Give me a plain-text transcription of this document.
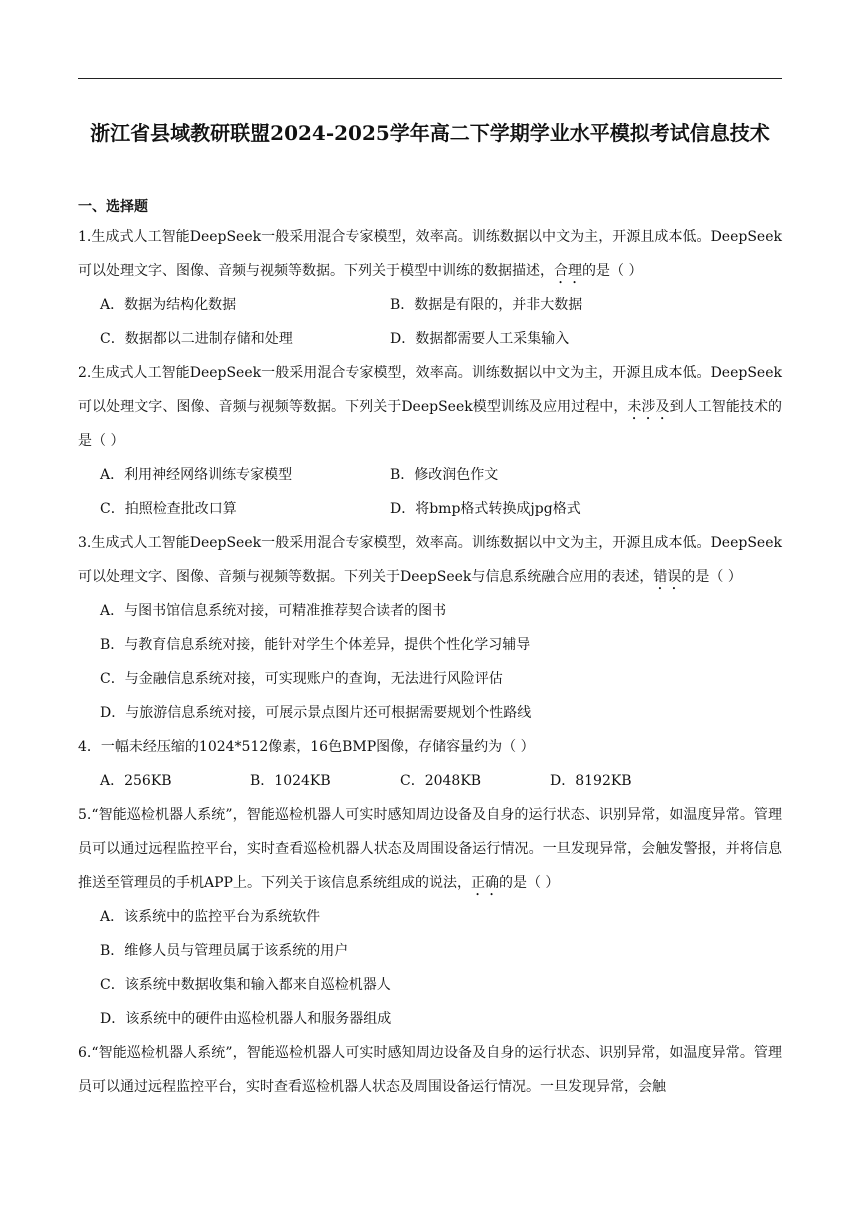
浙江省县域教研联盟2024-2025学年高二下学期学业水平模拟考试信息技术
一、选择题

1.生成式人工智能DeepSeek一般采用混合专家模型，效率高。训练数据以中文为主，开源且成本低。DeepSeek可以处理文字、图像、音频与视频等数据。下列关于模型中训练的数据描述，合理的是（ ）

A．数据为结构化数据	B．数据是有限的，并非大数据
C．数据都以二进制存储和处理	D．数据都需要人工采集输入

2.生成式人工智能DeepSeek一般采用混合专家模型，效率高。训练数据以中文为主，开源且成本低。DeepSeek可以处理文字、图像、音频与视频等数据。下列关于DeepSeek模型训练及应用过程中，未涉及到人工智能技术的是（ ）

A．利用神经网络训练专家模型	B．修改润色作文
C．拍照检查批改口算	D．将bmp格式转换成jpg格式

3.生成式人工智能DeepSeek一般采用混合专家模型，效率高。训练数据以中文为主，开源且成本低。DeepSeek可以处理文字、图像、音频与视频等数据。下列关于DeepSeek与信息系统融合应用的表述，错误的是（ ）

A．与图书馆信息系统对接，可精准推荐契合读者的图书
B．与教育信息系统对接，能针对学生个体差异，提供个性化学习辅导
C．与金融信息系统对接，可实现账户的查询，无法进行风险评估
D．与旅游信息系统对接，可展示景点图片还可根据需要规划个性路线

4．一幅未经压缩的1024*512像素，16色BMP图像，存储容量约为（ ）

A．256KB	B．1024KB	C．2048KB	D．8192KB

5.“智能巡检机器人系统”，智能巡检机器人可实时感知周边设备及自身的运行状态、识别异常，如温度异常。管理员可以通过远程监控平台，实时查看巡检机器人状态及周围设备运行情况。一旦发现异常，会触发警报，并将信息推送至管理员的手机APP上。下列关于该信息系统组成的说法，正确的是（ ）

A．该系统中的监控平台为系统软件
B．维修人员与管理员属于该系统的用户
C．该系统中数据收集和输入都来自巡检机器人
D．该系统中的硬件由巡检机器人和服务器组成

6.“智能巡检机器人系统”，智能巡检机器人可实时感知周边设备及自身的运行状态、识别异常，如温度异常。管理员可以通过远程监控平台，实时查看巡检机器人状态及周围设备运行情况。一旦发现异常，会触
